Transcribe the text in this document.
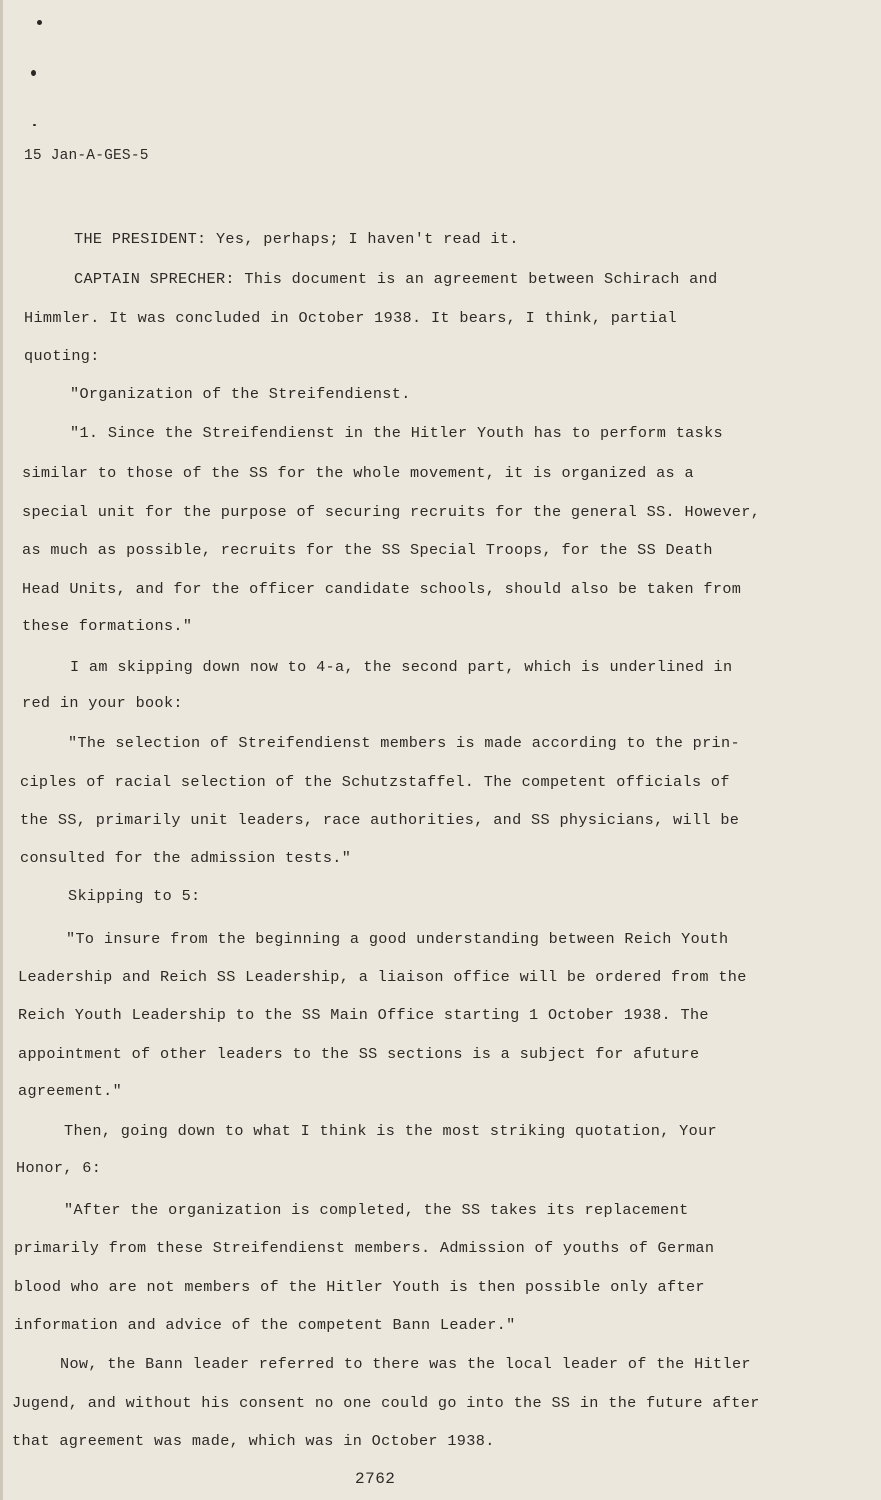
15 Jan-A-GES-5
THE PRESIDENT: Yes, perhaps; I haven't read it.
CAPTAIN SPRECHER: This document is an agreement between Schirach and
Himmler. It was concluded in October 1938. It bears, I think, partial
quoting:
"Organization of the Streifendienst.
"1. Since the Streifendienst in the Hitler Youth has to perform tasks
similar to those of the SS for the whole movement, it is organized as a
special unit for the purpose of securing recruits for the general SS. However,
as much as possible, recruits for the SS Special Troops, for the SS Death
Head Units, and for the officer candidate schools, should also be taken from
these formations."
I am skipping down now to 4-a, the second part, which is underlined in
red in your book:
"The selection of Streifendienst members is made according to the prin-
ciples of racial selection of the Schutzstaffel. The competent officials of
the SS, primarily unit leaders, race authorities, and SS physicians, will be
consulted for the admission tests."
Skipping to 5:
"To insure from the beginning a good understanding between Reich Youth
Leadership and Reich SS Leadership, a liaison office will be ordered from the
Reich Youth Leadership to the SS Main Office starting 1 October 1938. The
appointment of other leaders to the SS sections is a subject for afuture
agreement."
Then, going down to what I think is the most striking quotation, Your
Honor, 6:
"After the organization is completed, the SS takes its replacement
primarily from these Streifendienst members. Admission of youths of German
blood who are not members of the Hitler Youth is then possible only after
information and advice of the competent Bann Leader."
Now, the Bann leader referred to there was the local leader of the Hitler
Jugend, and without his consent no one could go into the SS in the future after
that agreement was made, which was in October 1938.
2762
